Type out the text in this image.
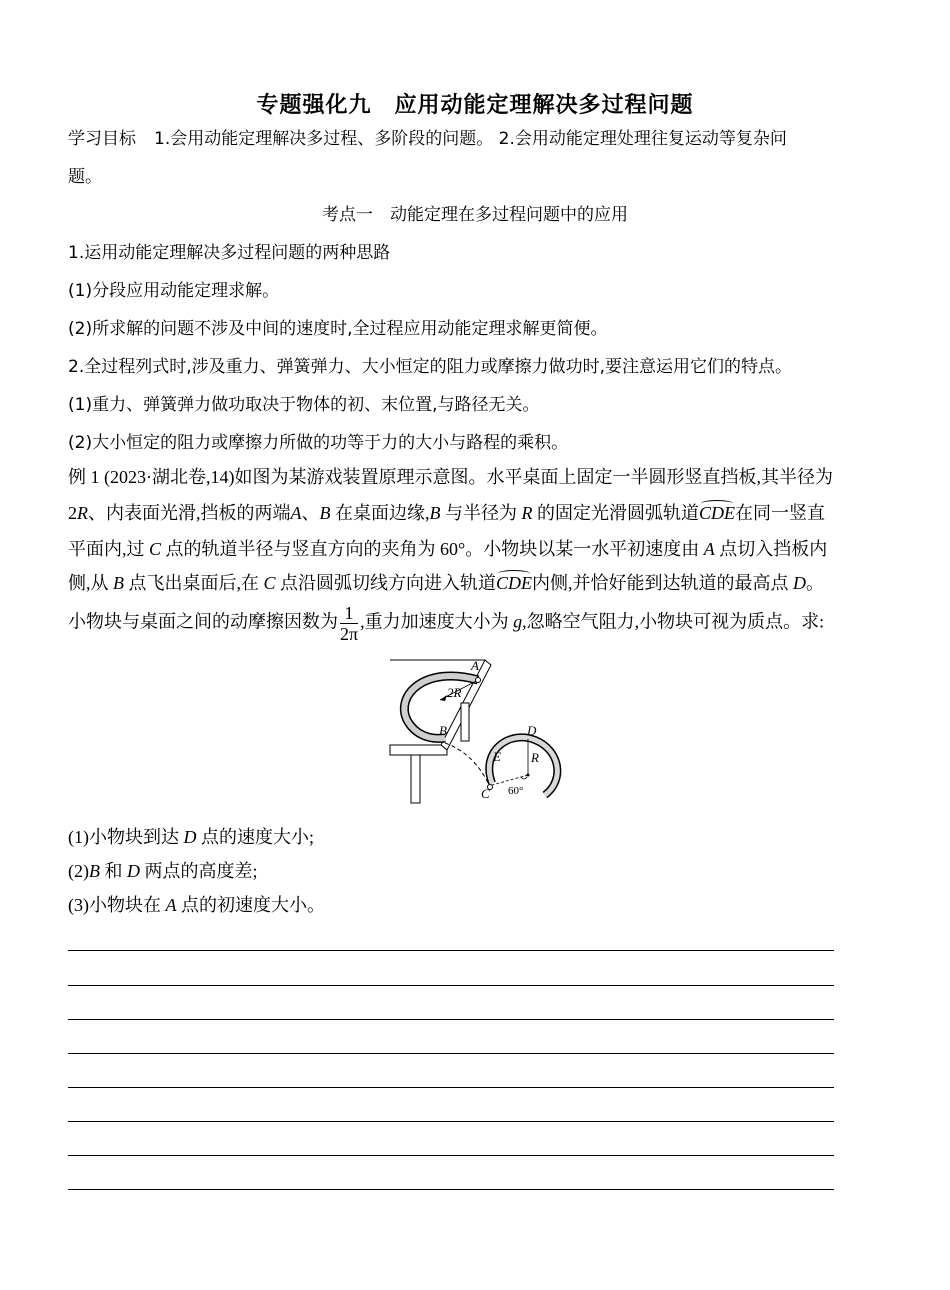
专题强化九　应用动能定理解决多过程问题
学习目标 1.会用动能定理解决多过程、多阶段的问题。 2.会用动能定理处理往复运动等复杂问
题。
考点一　动能定理在多过程问题中的应用
1.运用动能定理解决多过程问题的两种思路
(1)分段应用动能定理求解。
(2)所求解的问题不涉及中间的速度时,全过程应用动能定理求解更简便。
2.全过程列式时,涉及重力、弹簧弹力、大小恒定的阻力或摩擦力做功时,要注意运用它们的特点。
(1)重力、弹簧弹力做功取决于物体的初、末位置,与路径无关。
(2)大小恒定的阻力或摩擦力所做的功等于力的大小与路程的乘积。
例 1 (2023·湖北卷,14)如图为某游戏装置原理示意图。水平桌面上固定一半圆形竖直挡板,其半径为
2R、内表面光滑,挡板的两端A、B 在桌面边缘,B 与半径为 R 的固定光滑圆弧轨道CDE在同一竖直
平面内,过 C 点的轨道半径与竖直方向的夹角为 60°。小物块以某一水平初速度由 A 点切入挡板内
侧,从 B 点飞出桌面后,在 C 点沿圆弧切线方向进入轨道CDE内侧,并恰好能到达轨道的最高点 D。
小物块与桌面之间的动摩擦因数为 $\frac{1}{2\pi}$ ,重力加速度大小为 g,忽略空气阻力,小物块可视为质点。求:
A
2R
B	D
E R
C 60°
(1)小物块到达 D 点的速度大小;
(2)B 和 D 两点的高度差;
(3)小物块在 A 点的初速度大小。
